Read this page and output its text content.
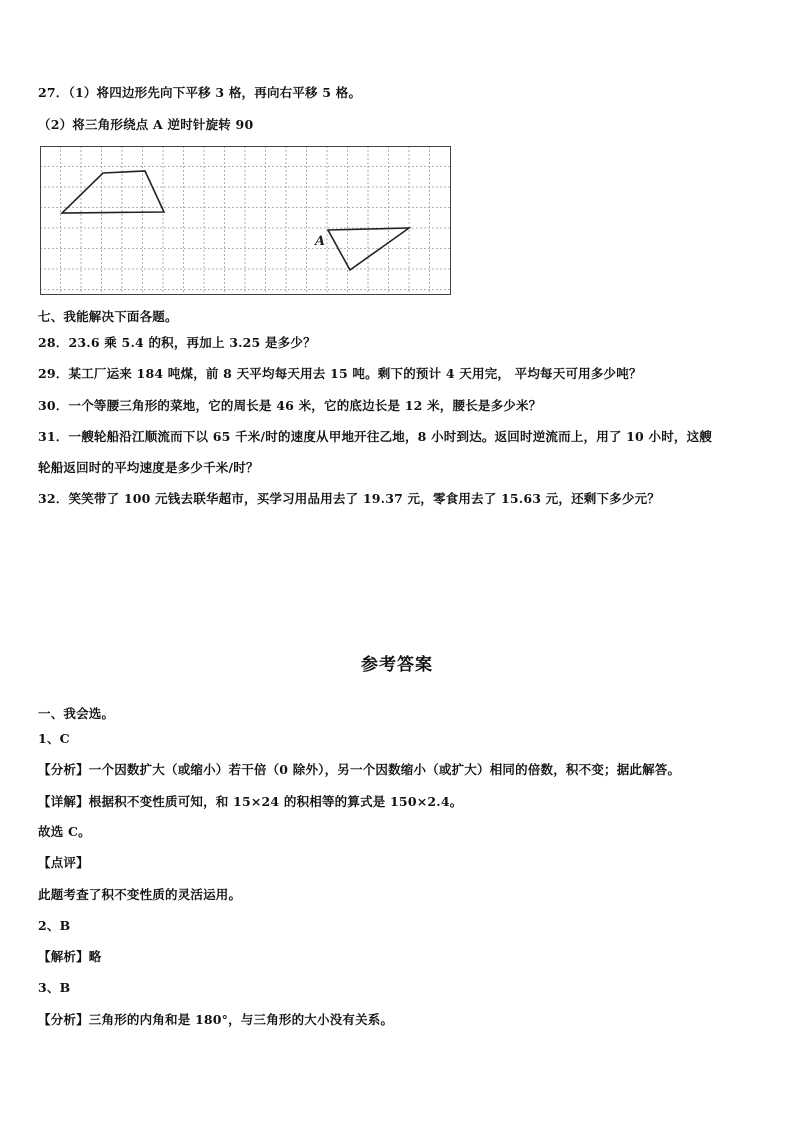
27．（1）将四边形先向下平移 3 格，再向右平移 5 格。
（2）将三角形绕点 A 逆时针旋转 90
A
七、我能解决下面各题。
28．23.6 乘 5.4 的积，再加上 3.25 是多少？
29．某工厂运来 184 吨煤，前 8 天平均每天用去 15 吨。剩下的预计 4 天用完， 平均每天可用多少吨？
30．一个等腰三角形的菜地，它的周长是 46 米，它的底边长是 12 米，腰长是多少米？
31．一艘轮船沿江顺流而下以 65 千米/时的速度从甲地开往乙地，8 小时到达。返回时逆流而上，用了 10 小时，这艘
轮船返回时的平均速度是多少千米/时？
32．笑笑带了 100 元钱去联华超市，买学习用品用去了 19.37 元，零食用去了 15.63 元，还剩下多少元？
参考答案
一、我会选。
1、C
【分析】一个因数扩大（或缩小）若干倍（0 除外），另一个因数缩小（或扩大）相同的倍数，积不变；据此解答。
【详解】根据积不变性质可知，和 15×24 的积相等的算式是 150×2.4。
故选 C。
【点评】
此题考查了积不变性质的灵活运用。
2、B
【解析】略
3、B
【分析】三角形的内角和是 180°，与三角形的大小没有关系。
